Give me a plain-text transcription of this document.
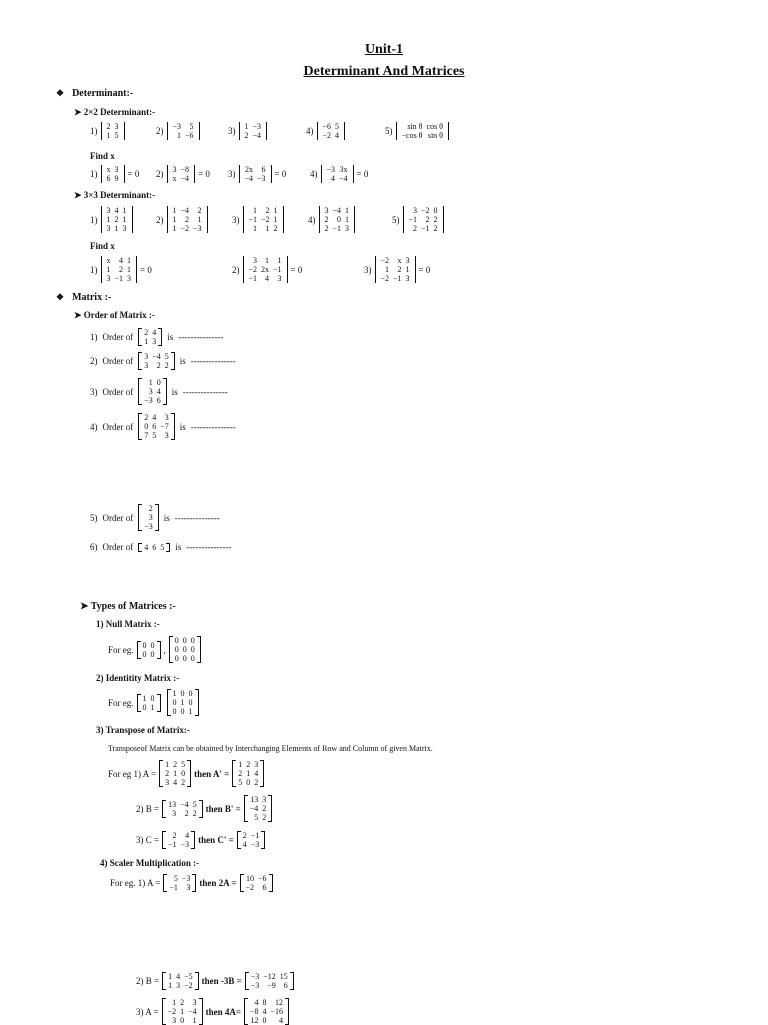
Unit-1
Determinant And Matrices
❖ Determinant:-
➤ 2×2 Determinant:-
1) 2	3
1	5	2) −3	5
1	−6	3) 1	−3
2	−4	4) −6	5
−2	4	5) sin θ	cos θ
−cos θ	sin θ
Find x
1) x	3
6	9 = 0 2) 3	−8
x	−4 = 0 3) 2x	6
−4	−3 = 0	4) −3	3x
4	−4 = 0
➤ 3×3 Determinant:-
1)
3	4	1
1	2	1
3	1	3
2)
1	−4	2
1	2	1
1	−2	−3
3)
1	2	1
−1	−2	1
1	1	2
4)
3	−4	1
2	0	1
2	−1	3
5)
3	−2	0
−1	2	2
2	−1	2
Find x
1)
x	4	1
1	2	1
3	−1	3
= 0	2)
3	1	1
−2	2x	−1
−1	4	3
= 0	3)
−2	x	3
1	2	1
−2	−1	3
= 0
❖ Matrix :-
➤ Order of Matrix :-
1) Order of 2	4
1	3 is ---------------
2) Order of 3	−4	5
3	2	2 is ---------------
3) Order of
1	0
3	4
−3	6
is ---------------
4) Order of
2	4	3
0	6	−7
7	5	3
is ---------------
5) Order of
2
3
−3
is ---------------
6) Order of 4	6	5 is ---------------
➤ Types of Matrices :-
1) Null Matrix :-
For eg. 0	0
0	0 ,
0	0	0
0	0	0
0	0	0
2) Identitity Matrix :-
For eg. 1	0
0	1
1	0	0
0	1	0
0	0	1
3) Transpose of Matrix:-
Transposeof Matrix can be obtained by Interchanging Elements of Row and Column of given Matrix.
For eg 1) A =
1	2	5
2	1	0
3	4	2
then A' =
1	2	3
2	1	4
5	0	2
2) B = 13	−4	5
3	2	2 then B' =
13	3
−4	2
5	2
3) C = 2	4
−1	−3 then C' = 2	−1
4	−3
4) Scaler Multiplication :-
For eg. 1) A = 5	−3
−1	3 then 2A = 10	−6
−2	6
2) B = 1	4	−5
1	3	−2 then -3B = −3	−12	15
−3	−9	6
3) A =
1	2	3
−2	1	−4
3	0	1
then 4A=
4	8	12
−8	4	−16
12	0	4
